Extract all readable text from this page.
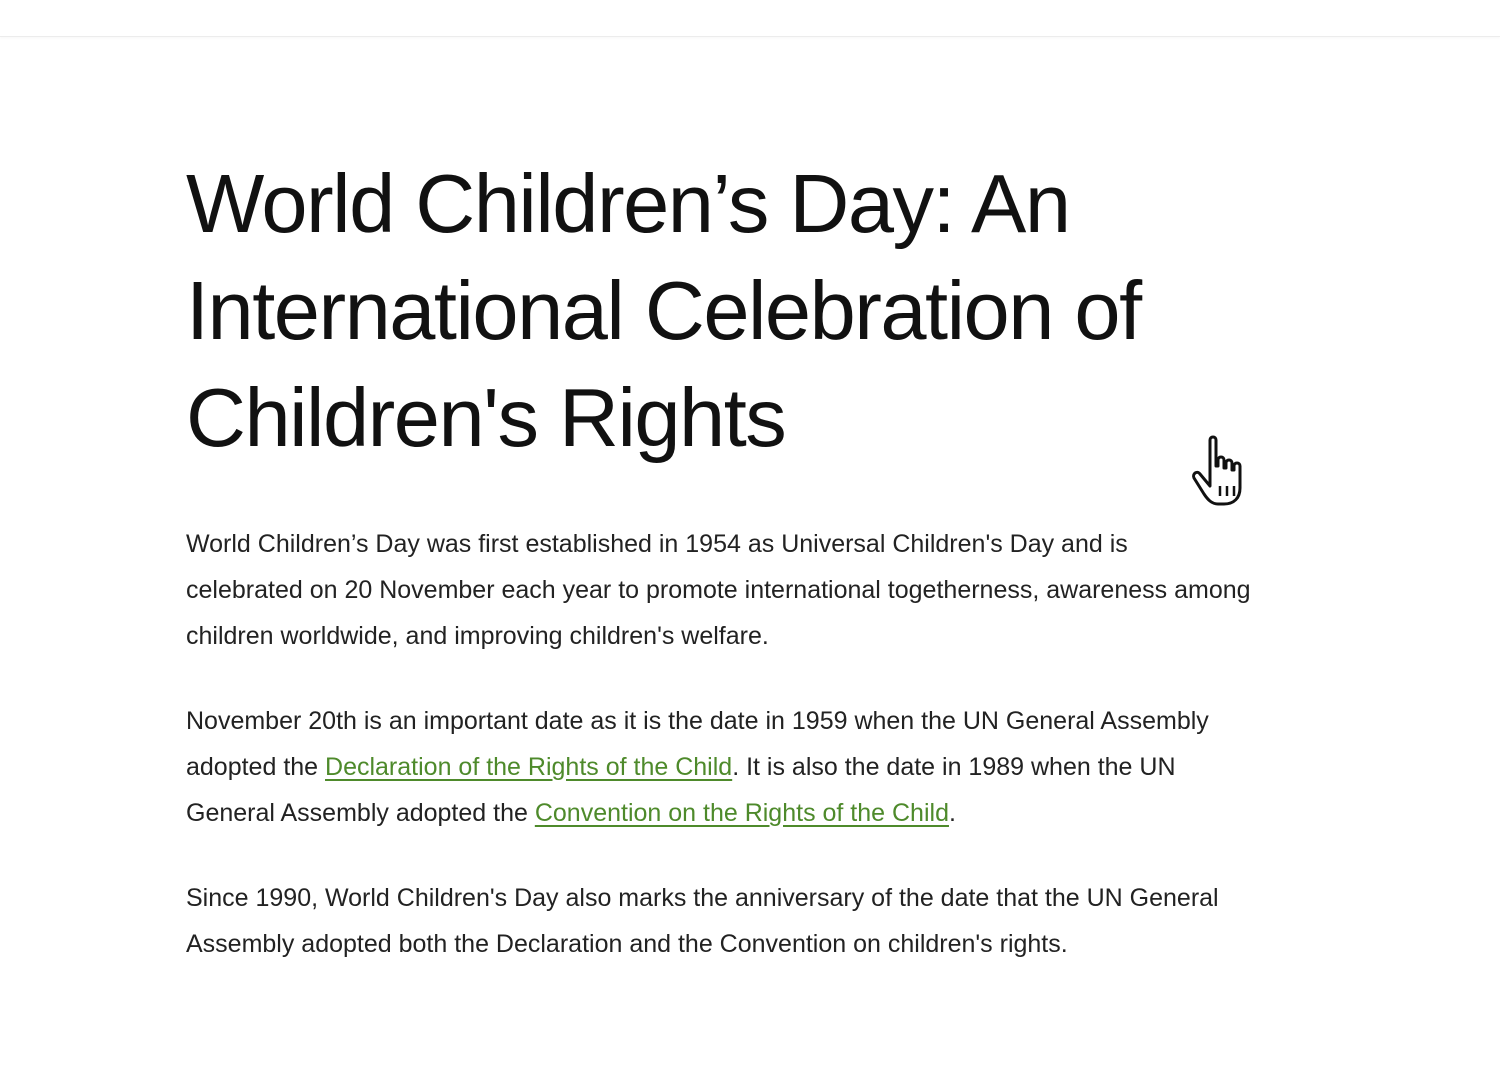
World Children’s Day: An International Celebration of Children's Rights

World Children’s Day was first established in 1954 as Universal Children's Day and is celebrated on 20 November each year to promote international togetherness, awareness among children worldwide, and improving children's welfare.

November 20th is an important date as it is the date in 1959 when the UN General Assembly adopted the Declaration of the Rights of the Child. It is also the date in 1989 when the UN General Assembly adopted the Convention on the Rights of the Child.

Since 1990, World Children's Day also marks the anniversary of the date that the UN General Assembly adopted both the Declaration and the Convention on children's rights.
